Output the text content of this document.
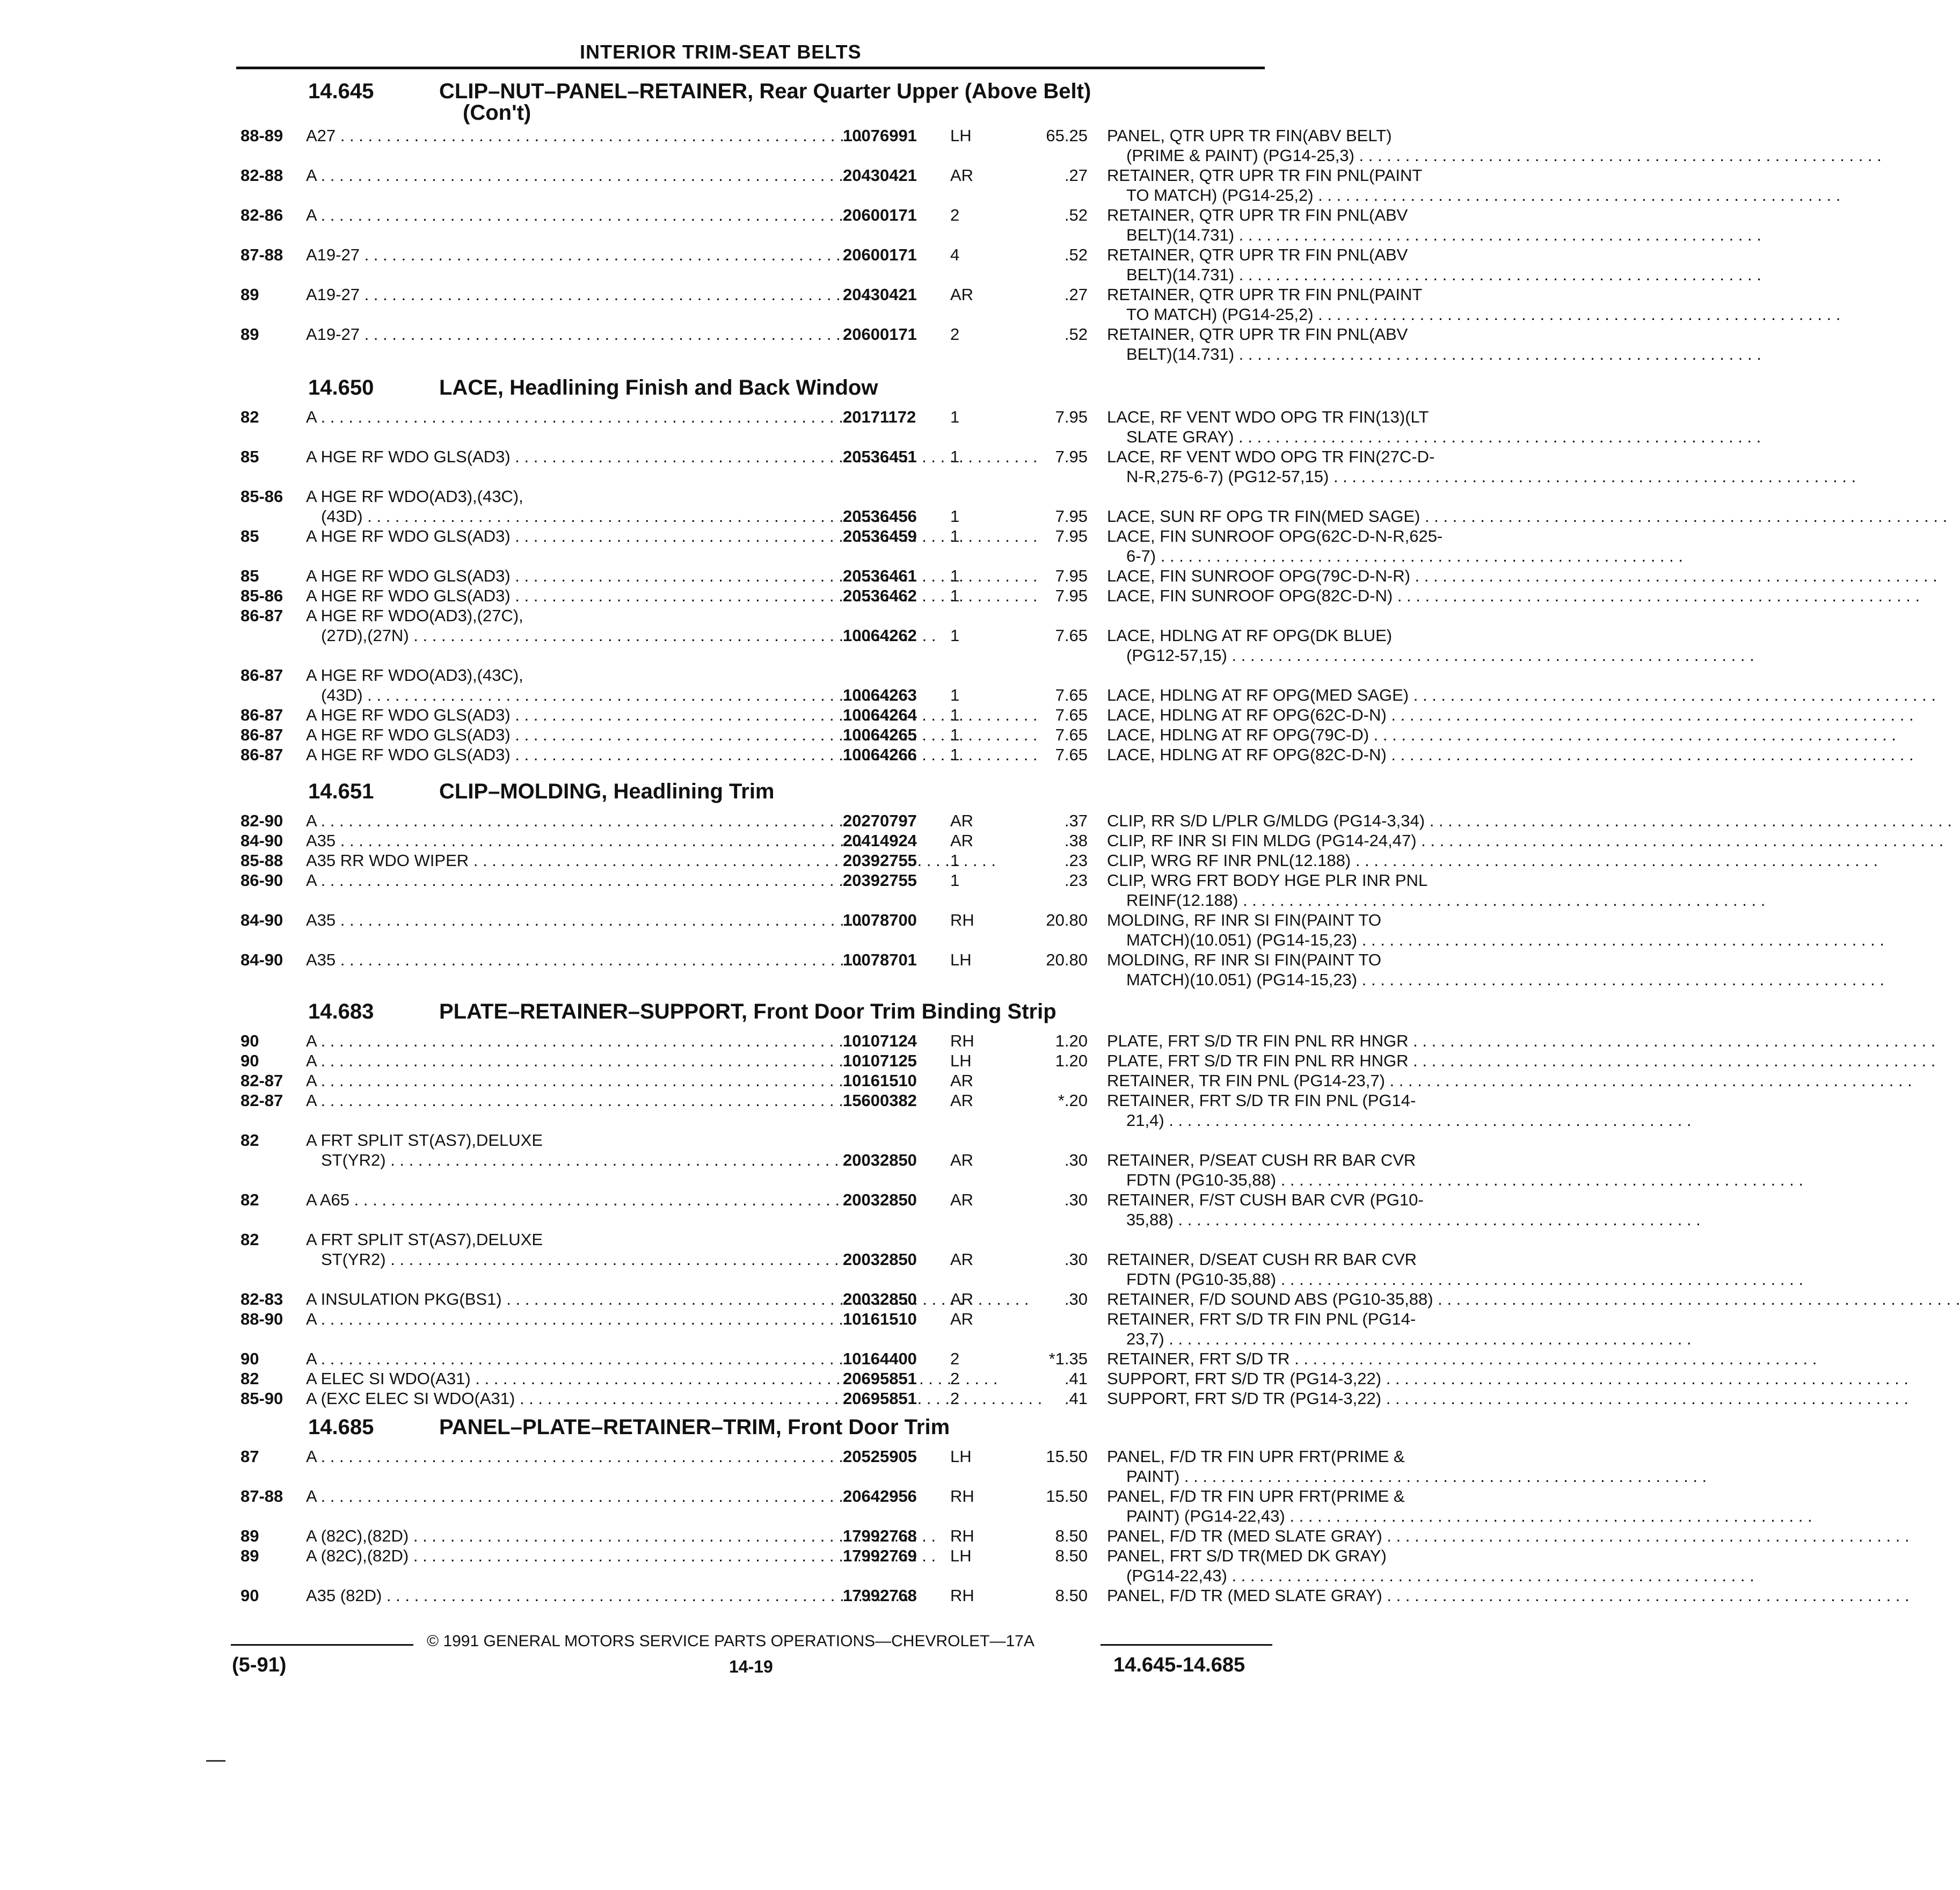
INTERIOR TRIM-SEAT BELTS
14.645	CLIP–NUT–PANEL–RETAINER, Rear Quarter Upper (Above Belt)
(Con't)
88-89 A27 . . .	10076991 LH	65.25 PANEL, QTR UPR TR FIN(ABV BELT)
(PRIME & PAINT) (PG14-25,3) . . .
82-88 A . . .	20430421 AR	.27 RETAINER, QTR UPR TR FIN PNL(PAINT
TO MATCH) (PG14-25,2) . . .
82-86 A . . .	20600171 2	.52 RETAINER, QTR UPR TR FIN PNL(ABV
BELT)(14.731) . . .
87-88 A19-27 . . .	20600171 4	.52 RETAINER, QTR UPR TR FIN PNL(ABV
BELT)(14.731) . . .
89	A19-27 . . .	20430421 AR	.27 RETAINER, QTR UPR TR FIN PNL(PAINT
TO MATCH) (PG14-25,2) . . .
89	A19-27 . . .	20600171 2	.52 RETAINER, QTR UPR TR FIN PNL(ABV
BELT)(14.731) . . .
14.650	LACE, Headlining Finish and Back Window
82	A . . .	20171172 1	7.95 LACE, RF VENT WDO OPG TR FIN(13)(LT
SLATE GRAY) . . .
85	A HGE RF WDO GLS(AD3) . . .	20536451 1	7.95 LACE, RF VENT WDO OPG TR FIN(27C-D-
N-R,275-6-7) (PG12-57,15) . . .
85-86 A HGE RF WDO(AD3),(43C),
(43D) . . .	20536456 1	7.95 LACE, SUN RF OPG TR FIN(MED SAGE) . . .
85	A HGE RF WDO GLS(AD3) . . .	20536459 1	7.95 LACE, FIN SUNROOF OPG(62C-D-N-R,625-
6-7) . . .
85	A HGE RF WDO GLS(AD3) . . .	20536461 1	7.95 LACE, FIN SUNROOF OPG(79C-D-N-R) . . .
85-86 A HGE RF WDO GLS(AD3) . . .	20536462 1	7.95 LACE, FIN SUNROOF OPG(82C-D-N) . . .
86-87 A HGE RF WDO(AD3),(27C),
(27D),(27N) . . .	10064262 1	7.65 LACE, HDLNG AT RF OPG(DK BLUE)
(PG12-57,15) . . .
86-87 A HGE RF WDO(AD3),(43C),
(43D) . . .	10064263 1	7.65 LACE, HDLNG AT RF OPG(MED SAGE) . . .
86-87 A HGE RF WDO GLS(AD3) . . .	10064264 1	7.65 LACE, HDLNG AT RF OPG(62C-D-N) . . .
86-87 A HGE RF WDO GLS(AD3) . . .	10064265 1	7.65 LACE, HDLNG AT RF OPG(79C-D) . . .
86-87 A HGE RF WDO GLS(AD3) . . .	10064266 1	7.65 LACE, HDLNG AT RF OPG(82C-D-N) . . .
14.651	CLIP–MOLDING, Headlining Trim
82-90 A . . .	20270797 AR	.37 CLIP, RR S/D L/PLR G/MLDG (PG14-3,34) . . .
84-90 A35 . . .	20414924 AR	.38 CLIP, RF INR SI FIN MLDG (PG14-24,47) . . .
85-88 A35 RR WDO WIPER . . .	20392755 1	.23 CLIP, WRG RF INR PNL(12.188) . . .
86-90 A . . .	20392755 1	.23 CLIP, WRG FRT BODY HGE PLR INR PNL
REINF(12.188) . . .
84-90 A35 . . .	10078700 RH	20.80 MOLDING, RF INR SI FIN(PAINT TO
MATCH)(10.051) (PG14-15,23) . . .
84-90 A35 . . .	10078701 LH	20.80 MOLDING, RF INR SI FIN(PAINT TO
MATCH)(10.051) (PG14-15,23) . . .
14.683	PLATE–RETAINER–SUPPORT, Front Door Trim Binding Strip
90	A . . .	10107124 RH	1.20 PLATE, FRT S/D TR FIN PNL RR HNGR . . .
90	A . . .	10107125 LH	1.20 PLATE, FRT S/D TR FIN PNL RR HNGR . . .
82-87 A . . .	10161510 AR	RETAINER, TR FIN PNL (PG14-23,7) . . .
82-87 A . . .	15600382 AR	*.20 RETAINER, FRT S/D TR FIN PNL (PG14-
21,4) . . .
82	A FRT SPLIT ST(AS7),DELUXE
ST(YR2) . . .	20032850 AR	.30 RETAINER, P/SEAT CUSH RR BAR CVR
FDTN (PG10-35,88) . . .
82	A A65 . . .	20032850 AR	.30 RETAINER, F/ST CUSH BAR CVR (PG10-
35,88) . . .
82	A FRT SPLIT ST(AS7),DELUXE
ST(YR2) . . .	20032850 AR	.30 RETAINER, D/SEAT CUSH RR BAR CVR
FDTN (PG10-35,88) . . .
82-83 A INSULATION PKG(BS1) . . .	20032850 AR	.30 RETAINER, F/D SOUND ABS (PG10-35,88) . . .
88-90 A . . .	10161510 AR	RETAINER, FRT S/D TR FIN PNL (PG14-
23,7) . . .
90	A . . .	10164400 2	*1.35 RETAINER, FRT S/D TR . . .
82	A ELEC SI WDO(A31) . . .	20695851 2	.41 SUPPORT, FRT S/D TR (PG14-3,22) . . .
85-90 A (EXC ELEC SI WDO(A31) . . .	20695851 2	.41 SUPPORT, FRT S/D TR (PG14-3,22) . . .
14.685	PANEL–PLATE–RETAINER–TRIM, Front Door Trim
87	A . . .	20525905 LH	15.50 PANEL, F/D TR FIN UPR FRT(PRIME &
PAINT) . . .
87-88 A . . .	20642956 RH	15.50 PANEL, F/D TR FIN UPR FRT(PRIME &
PAINT) (PG14-22,43) . . .
89	A (82C),(82D) . . .	17992768 RH	8.50 PANEL, F/D TR (MED SLATE GRAY) . . .
89	A (82C),(82D) . . .	17992769 LH	8.50 PANEL, FRT S/D TR(MED DK GRAY)
(PG14-22,43) . . .
90	A35 (82D) . . .	17992768 RH	8.50 PANEL, F/D TR (MED SLATE GRAY) . . .
© 1991 GENERAL MOTORS SERVICE PARTS OPERATIONS—CHEVROLET—17A
(5-91)	14-19	14.645-14.685
